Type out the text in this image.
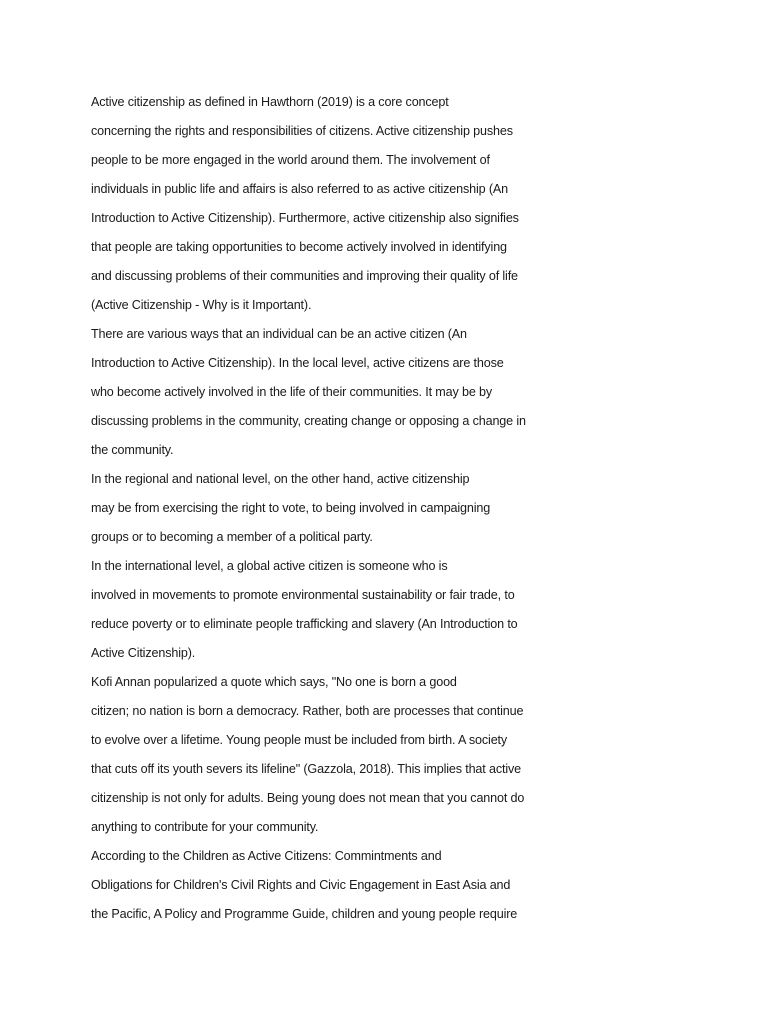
Active citizenship as defined in Hawthorn (2019) is a core concept
concerning the rights and responsibilities of citizens. Active citizenship pushes
people to be more engaged in the world around them. The involvement of
individuals in public life and affairs is also referred to as active citizenship (An
Introduction to Active Citizenship). Furthermore, active citizenship also signifies
that people are taking opportunities to become actively involved in identifying
and discussing problems of their communities and improving their quality of life
(Active Citizenship - Why is it Important).
There are various ways that an individual can be an active citizen (An
Introduction to Active Citizenship). In the local level, active citizens are those
who become actively involved in the life of their communities. It may be by
discussing problems in the community, creating change or opposing a change in
the community.
In the regional and national level, on the other hand, active citizenship
may be from exercising the right to vote, to being involved in campaigning
groups or to becoming a member of a political party.
In the international level, a global active citizen is someone who is
involved in movements to promote environmental sustainability or fair trade, to
reduce poverty or to eliminate people trafficking and slavery (An Introduction to
Active Citizenship).
Kofi Annan popularized a quote which says, "No one is born a good
citizen; no nation is born a democracy. Rather, both are processes that continue
to evolve over a lifetime. Young people must be included from birth. A society
that cuts off its youth severs its lifeline" (Gazzola, 2018). This implies that active
citizenship is not only for adults. Being young does not mean that you cannot do
anything to contribute for your community.
According to the Children as Active Citizens: Commintments and
Obligations for Children's Civil Rights and Civic Engagement in East Asia and
the Pacific, A Policy and Programme Guide, children and young people require
